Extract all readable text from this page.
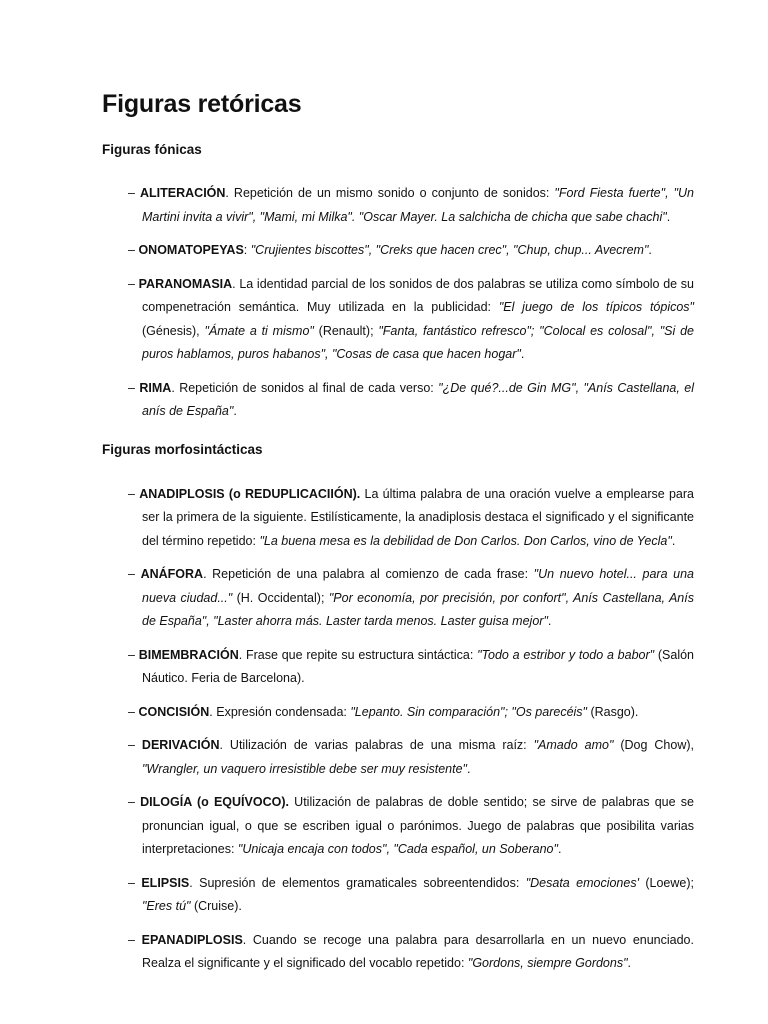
Figuras retóricas
Figuras fónicas
– ALITERACIÓN. Repetición de un mismo sonido o conjunto de sonidos: "Ford Fiesta fuerte", "Un Martini invita a vivir", "Mami, mi Milka". "Oscar Mayer. La salchicha de chicha que sabe chachi".
– ONOMATOPEYAS: "Crujientes biscottes", "Creks que hacen crec", "Chup, chup... Avecrem".
– PARANOMASIA. La identidad parcial de los sonidos de dos palabras se utiliza como símbolo de su compenetración semántica. Muy utilizada en la publicidad: "El juego de los típicos tópicos" (Génesis), "Ámate a ti mismo" (Renault); "Fanta, fantástico refresco"; "Colocal es colosal", "Si de puros hablamos, puros habanos", "Cosas de casa que hacen hogar".
– RIMA. Repetición de sonidos al final de cada verso: "¿De qué?...de Gin MG", "Anís Castellana, el anís de España".
Figuras morfosintácticas
– ANADIPLOSIS (o REDUPLICACIIÓN). La última palabra de una oración vuelve a emplearse para ser la primera de la siguiente. Estilísticamente, la anadiplosis destaca el significado y el significante del término repetido: "La buena mesa es la debilidad de Don Carlos. Don Carlos, vino de Yecla".
– ANÁFORA. Repetición de una palabra al comienzo de cada frase: "Un nuevo hotel... para una nueva ciudad..." (H. Occidental); "Por economía, por precisión, por confort", Anís Castellana, Anís de España", "Laster ahorra más. Laster tarda menos. Laster guisa mejor".
– BIMEMBRACIÓN. Frase que repite su estructura sintáctica: "Todo a estribor y todo a babor" (Salón Náutico. Feria de Barcelona).
– CONCISIÓN. Expresión condensada: "Lepanto. Sin comparación"; "Os parecéis" (Rasgo).
– DERIVACIÓN. Utilización de varias palabras de una misma raíz: "Amado amo" (Dog Chow), "Wrangler, un vaquero irresistible debe ser muy resistente".
– DILOGÍA (o EQUÍVOCO). Utilización de palabras de doble sentido; se sirve de palabras que se pronuncian igual, o que se escriben igual o parónimos. Juego de palabras que posibilita varias interpretaciones: "Unicaja encaja con todos", "Cada español, un Soberano".
– ELIPSIS. Supresión de elementos gramaticales sobreentendidos: "Desata emociones' (Loewe); "Eres tú" (Cruise).
– EPANADIPLOSIS. Cuando se recoge una palabra para desarrollarla en un nuevo enunciado. Realza el significante y el significado del vocablo repetido: "Gordons, siempre Gordons".
